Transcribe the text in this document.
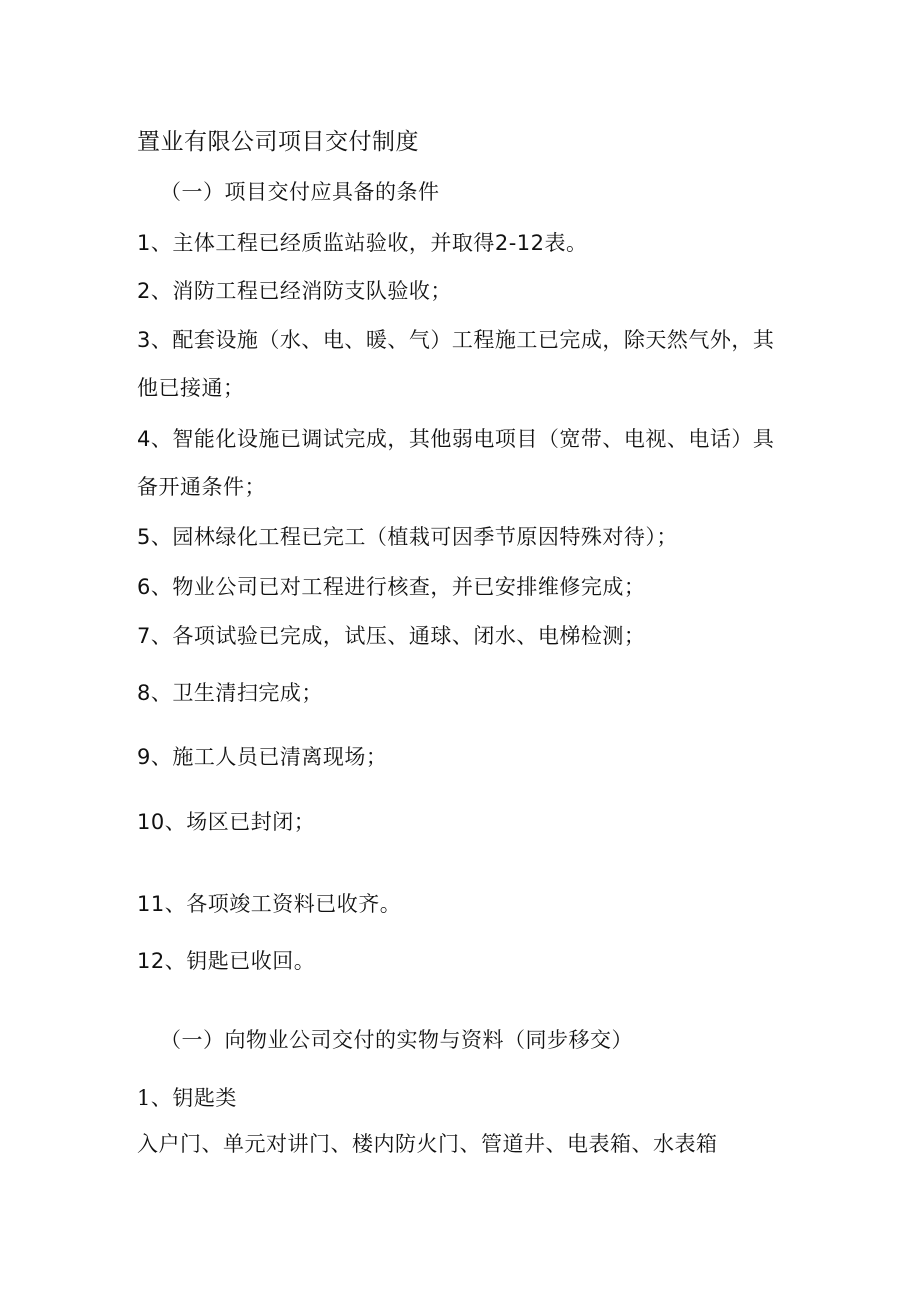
置业有限公司项目交付制度
（一）项目交付应具备的条件
1、主体工程已经质监站验收，并取得2-12表。
2、消防工程已经消防支队验收；
3、配套设施（水、电、暖、气）工程施工已完成，除天然气外，其
他已接通；
4、智能化设施已调试完成，其他弱电项目（宽带、电视、电话）具
备开通条件；
5、园林绿化工程已完工（植栽可因季节原因特殊对待）；
6、物业公司已对工程进行核查，并已安排维修完成；
7、各项试验已完成，试压、通球、闭水、电梯检测；
8、卫生清扫完成；
9、施工人员已清离现场；
10、场区已封闭；
11、各项竣工资料已收齐。
12、钥匙已收回。
（一）向物业公司交付的实物与资料（同步移交）
1、钥匙类
入户门、单元对讲门、楼内防火门、管道井、电表箱、水表箱
